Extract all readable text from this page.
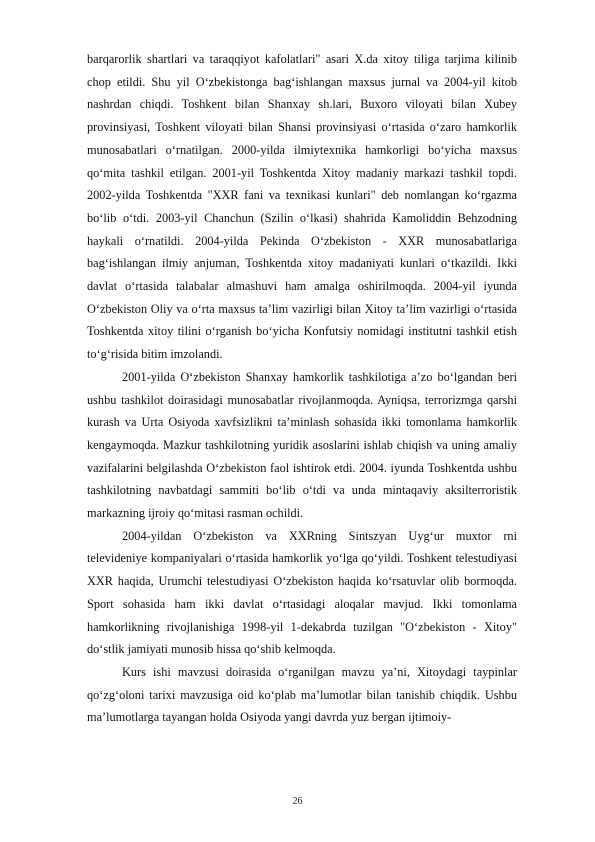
barqarorlik shartlari va taraqqiyot kafolatlari" asari X.da xitoy tiliga tarjima kilinib chop etildi. Shu yil O‘zbekistonga bag‘ishlangan maxsus jurnal va 2004-yil kitob nashrdan chiqdi. Toshkent bilan Shanxay sh.lari, Buxoro viloyati bilan Xubey provinsiyasi, Toshkent viloyati bilan Shansi provinsiyasi o‘rtasida o‘zaro hamkorlik munosabatlari o‘rnatilgan. 2000-yilda ilmiytexnika hamkorligi bo‘yicha maxsus qo‘mita tashkil etilgan. 2001-yil Toshkentda Xitoy madaniy markazi tashkil topdi. 2002-yilda Toshkentda "XXR fani va texnikasi kunlari" deb nomlangan ko‘rgazma bo‘lib o‘tdi. 2003-yil Chanchun (Szilin o‘lkasi) shahrida Kamoliddin Behzodning haykali o‘rnatildi. 2004-yilda Pekinda O‘zbekiston - XXR munosabatlariga bag‘ishlangan ilmiy anjuman, Toshkentda xitoy madaniyati kunlari o‘tkazildi. Ikki davlat o‘rtasida talabalar almashuvi ham amalga oshirilmoqda. 2004-yil iyunda O‘zbekiston Oliy va o‘rta maxsus ta’lim vazirligi bilan Xitoy ta’lim vazirligi o‘rtasida Toshkentda xitoy tilini o‘rganish bo‘yicha Konfutsiy nomidagi institutni tashkil etish to‘g‘risida bitim imzolandi.

2001-yilda O‘zbekiston Shanxay hamkorlik tashkilotiga a’zo bo‘lgandan beri ushbu tashkilot doirasidagi munosabatlar rivojlanmoqda. Ayniqsa, terrorizmga qarshi kurash va Urta Osiyoda xavfsizlikni ta’minlash sohasida ikki tomonlama hamkorlik kengaymoqda. Mazkur tashkilotning yuridik asoslarini ishlab chiqish va uning amaliy vazifalarini belgilashda O‘zbekiston faol ishtirok etdi. 2004. iyunda Toshkentda ushbu tashkilotning navbatdagi sammiti bo‘lib o‘tdi va unda mintaqaviy aksilterroristik markazning ijroiy qo‘mitasi rasman ochildi.

2004-yildan O‘zbekiston va XXRning Sintszyan Uyg‘ur muxtor rni televideniye kompaniyalari o‘rtasida hamkorlik yo‘lga qo‘yildi. Toshkent telestudiyasi XXR haqida, Urumchi telestudiyasi O‘zbekiston haqida ko‘rsatuvlar olib bormoqda. Sport sohasida ham ikki davlat o‘rtasidagi aloqalar mavjud. Ikki tomonlama hamkorlikning rivojlanishiga 1998-yil 1-dekabrda tuzilgan "O‘zbekiston - Xitoy" do‘stlik jamiyati munosib hissa qo‘shib kelmoqda.

Kurs ishi mavzusi doirasida o‘rganilgan mavzu ya’ni, Xitoydagi taypinlar qo‘zg‘oloni tarixi mavzusiga oid ko‘plab ma’lumotlar bilan tanishib chiqdik. Ushbu ma’lumotlarga tayangan holda Osiyoda yangi davrda yuz bergan ijtimoiy-

26
